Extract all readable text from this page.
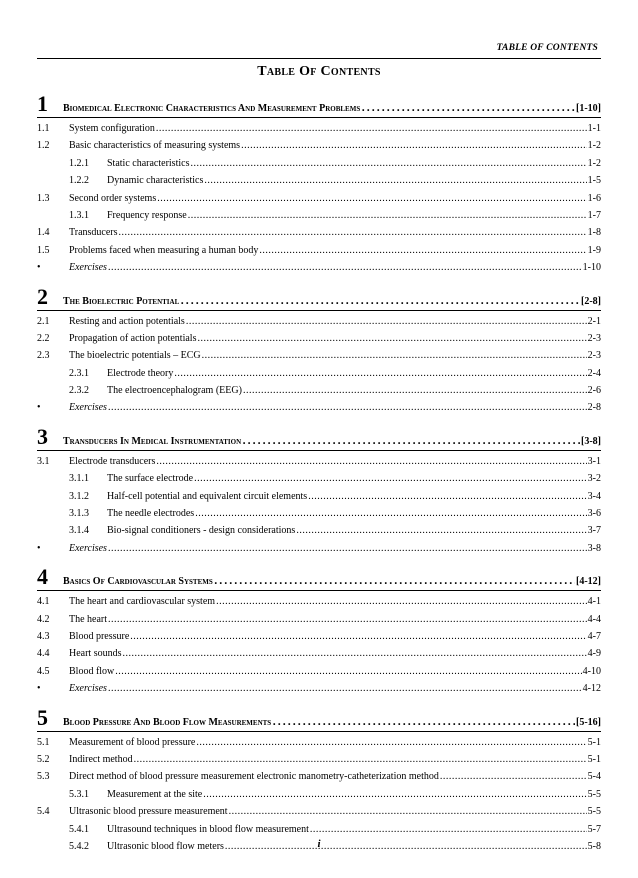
TABLE OF CONTENTS
Table Of Contents
1	Biomedical Electronic Characteristics And Measurement Problems .....	[1-10]
1.1	System configuration .....	1-1
1.2	Basic characteristics of measuring systems .....	1-2
1.2.1	Static characteristics .....	1-2
1.2.2	Dynamic characteristics .....	1-5
1.3	Second order systems .....	1-6
1.3.1	Frequency response .....	1-7
1.4	Transducers .....	1-8
1.5	Problems faced when measuring a human body .....	1-9
•	Exercises .....	1-10
2	The Bioelectric Potential .....	[2-8]
2.1	Resting and action potentials .....	2-1
2.2	Propagation of action potentials .....	2-3
2.3	The bioelectric potentials – ECG .....	2-3
2.3.1	Electrode theory .....	2-4
2.3.2	The electroencephalogram (EEG) .....	2-6
•	Exercises .....	2-8
3	Transducers In Medical Instrumentation .....	[3-8]
3.1	Electrode transducers .....	3-1
3.1.1	The surface electrode .....	3-2
3.1.2	Half-cell potential and equivalent circuit elements .....	3-4
3.1.3	The needle electrodes .....	3-6
3.1.4	Bio-signal conditioners - design considerations .....	3-7
•	Exercises .....	3-8
4	Basics Of Cardiovascular Systems .....	[4-12]
4.1	The heart and cardiovascular system .....	4-1
4.2	The heart .....	4-4
4.3	Blood pressure .....	4-7
4.4	Heart sounds .....	4-9
4.5	Blood flow .....	4-10
•	Exercises .....	4-12
5	Blood Pressure And Blood Flow Measurements .....	[5-16]
5.1	Measurement of blood pressure .....	5-1
5.2	Indirect method .....	5-1
5.3	Direct method of blood pressure measurement electronic manometry-catheterization method .....	5-4
5.3.1	Measurement at the site .....	5-5
5.4	Ultrasonic blood pressure measurement .....	5-5
5.4.1	Ultrasound techniques in blood flow measurement .....	5-7
5.4.2	Ultrasonic blood flow meters .....	5-8
i
